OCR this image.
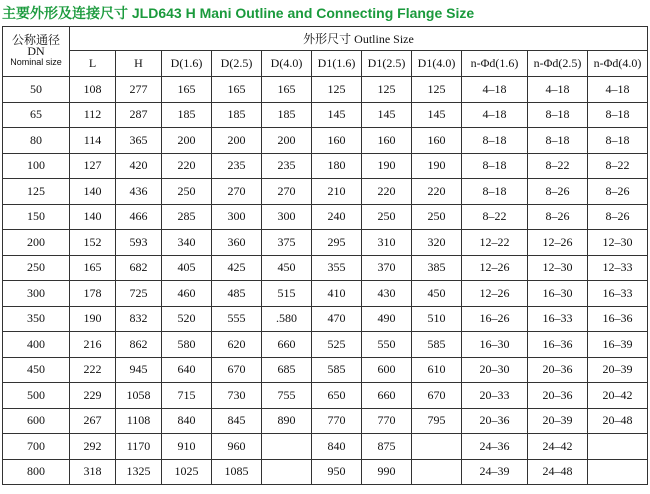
主要外形及连接尺寸 JLD643 H Mani Outline and Connecting Flange Size
公称通径
DN
Nominal size	外形尺寸 Outline Size										
	L	H	D(1.6)	D(2.5)	D(4.0)	D1(1.6)	D1(2.5)	D1(4.0)	n-Φd(1.6)	n-Φd(2.5)	n-Φd(4.0)
50	108	277	165	165	165	125	125	125	4–18	4–18	4–18
65	112	287	185	185	185	145	145	145	4–18	8–18	8–18
80	114	365	200	200	200	160	160	160	8–18	8–18	8–18
100	127	420	220	235	235	180	190	190	8–18	8–22	8–22
125	140	436	250	270	270	210	220	220	8–18	8–26	8–26
150	140	466	285	300	300	240	250	250	8–22	8–26	8–26
200	152	593	340	360	375	295	310	320	12–22	12–26	12–30
250	165	682	405	425	450	355	370	385	12–26	12–30	12–33
300	178	725	460	485	515	410	430	450	12–26	16–30	16–33
350	190	832	520	555	.580	470	490	510	16–26	16–33	16–36
400	216	862	580	620	660	525	550	585	16–30	16–36	16–39
450	222	945	640	670	685	585	600	610	20–30	20–36	20–39
500	229	1058	715	730	755	650	660	670	20–33	20–36	20–42
600	267	1108	840	845	890	770	770	795	20–36	20–39	20–48
700	292	1170	910	960		840	875		24–36	24–42	
800	318	1325	1025	1085		950	990		24–39	24–48	
